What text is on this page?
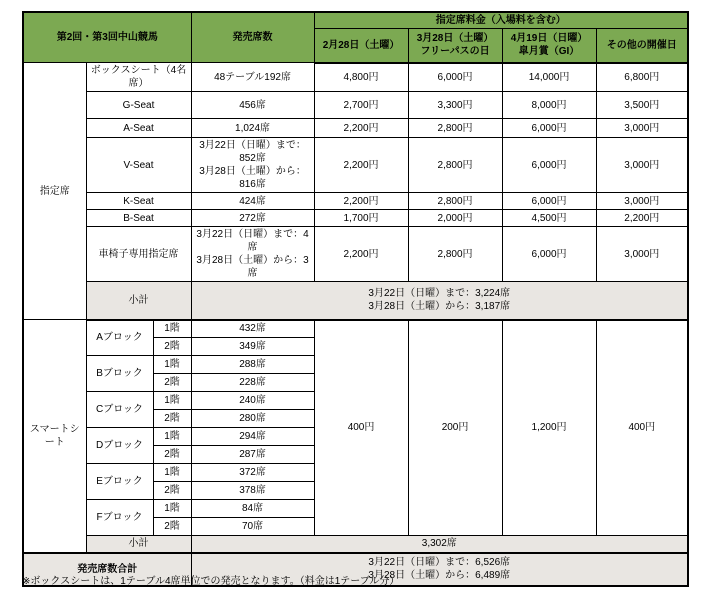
第2回・第3回中山競馬			発売席数	指定席料金（入場料を含む）			

				2月28日（土曜）	3月28日（土曜）
フリーパスの日	4月19日（日曜）
皐月賞（GI）	その他の開催日

指定席	ボックスシート（4名席）		48テーブル192席	4,800円	6,000円	14,000円	6,800円
	G-Seat		456席	2,700円	3,300円	8,000円	3,500円
	A-Seat		1,024席	2,200円	2,800円	6,000円	3,000円
	V-Seat		3月22日（日曜）まで：852席
3月28日（土曜）から：816席	2,200円	2,800円	6,000円	3,000円
	K-Seat		424席	2,200円	2,800円	6,000円	3,000円
	B-Seat		272席	1,700円	2,000円	4,500円	2,200円
	車椅子専用指定席		3月22日（日曜）まで：4席
3月28日（土曜）から：3席	2,200円	2,800円	6,000円	3,000円
	小計		3月22日（日曜）まで：3,224席
3月28日（土曜）から：3,187席				

スマートシート	Aブロック	1階	432席	400円	200円	1,200円	400円
		2階	349席				
	Bブロック	1階	288席				
		2階	228席				
	Cブロック	1階	240席				
		2階	280席				
	Dブロック	1階	294席				
		2階	287席				
	Eブロック	1階	372席				
		2階	378席				
	Fブロック	1階	84席				
		2階	70席				
	小計		3,302席				
発売席数合計			3月22日（日曜）まで：6,526席
3月28日（土曜）から：6,489席				
※ボックスシートは、1テーブル4席単位での発売となります。（料金は1テーブル分）
